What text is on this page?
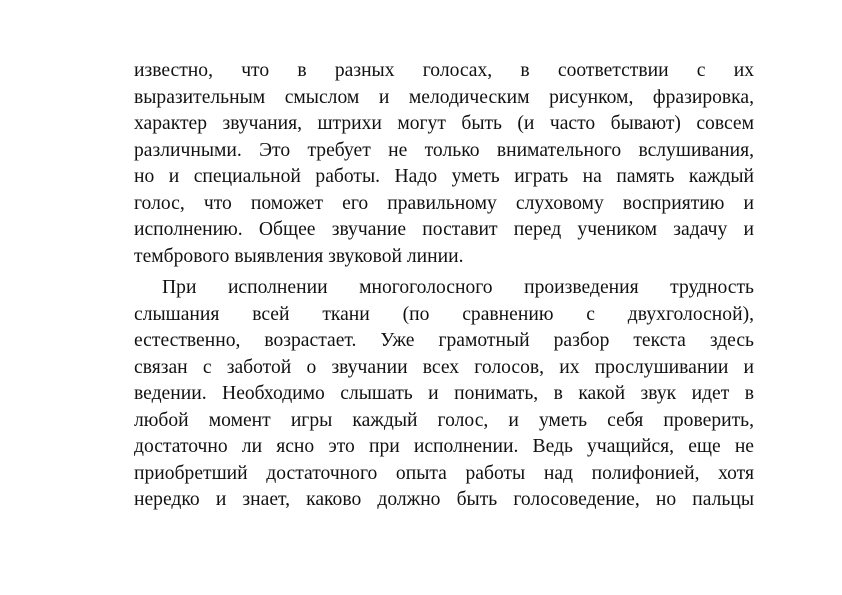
известно, что в разных голосах, в соответствии с их
выразительным смыслом и мелодическим рисунком, фразировка,
характер звучания, штрихи могут быть (и часто бывают) совсем
различными. Это требует не только внимательного вслушивания,
но и специальной работы. Надо уметь играть на память каждый
голос, что поможет его правильному слуховому восприятию и
исполнению. Общее звучание поставит перед учеником задачу и
тембрового выявления звуковой линии.
При исполнении многоголосного произведения трудность
слышания всей ткани (по сравнению с двухголосной),
естественно, возрастает. Уже грамотный разбор текста здесь
связан с заботой о звучании всех голосов, их прослушивании и
ведении. Необходимо слышать и понимать, в какой звук идет в
любой момент игры каждый голос, и уметь себя проверить,
достаточно ли ясно это при исполнении. Ведь учащийся, еще не
приобретший достаточного опыта работы над полифонией, хотя
нередко и знает, каково должно быть голосоведение, но пальцы
